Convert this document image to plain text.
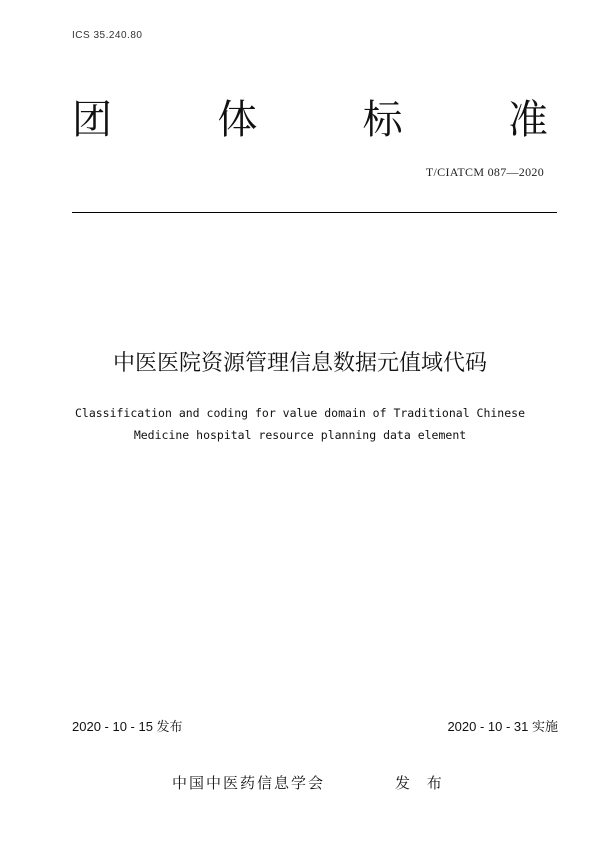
ICS 35.240.80
团	体	标	准
T/CIATCM 087—2020
中医医院资源管理信息数据元值域代码
Classification and coding for value domain of Traditional Chinese
Medicine hospital resource planning data element
2020 - 10 - 15 发布	2020 - 10 - 31 实施
中国中医药信息学会	发 布
